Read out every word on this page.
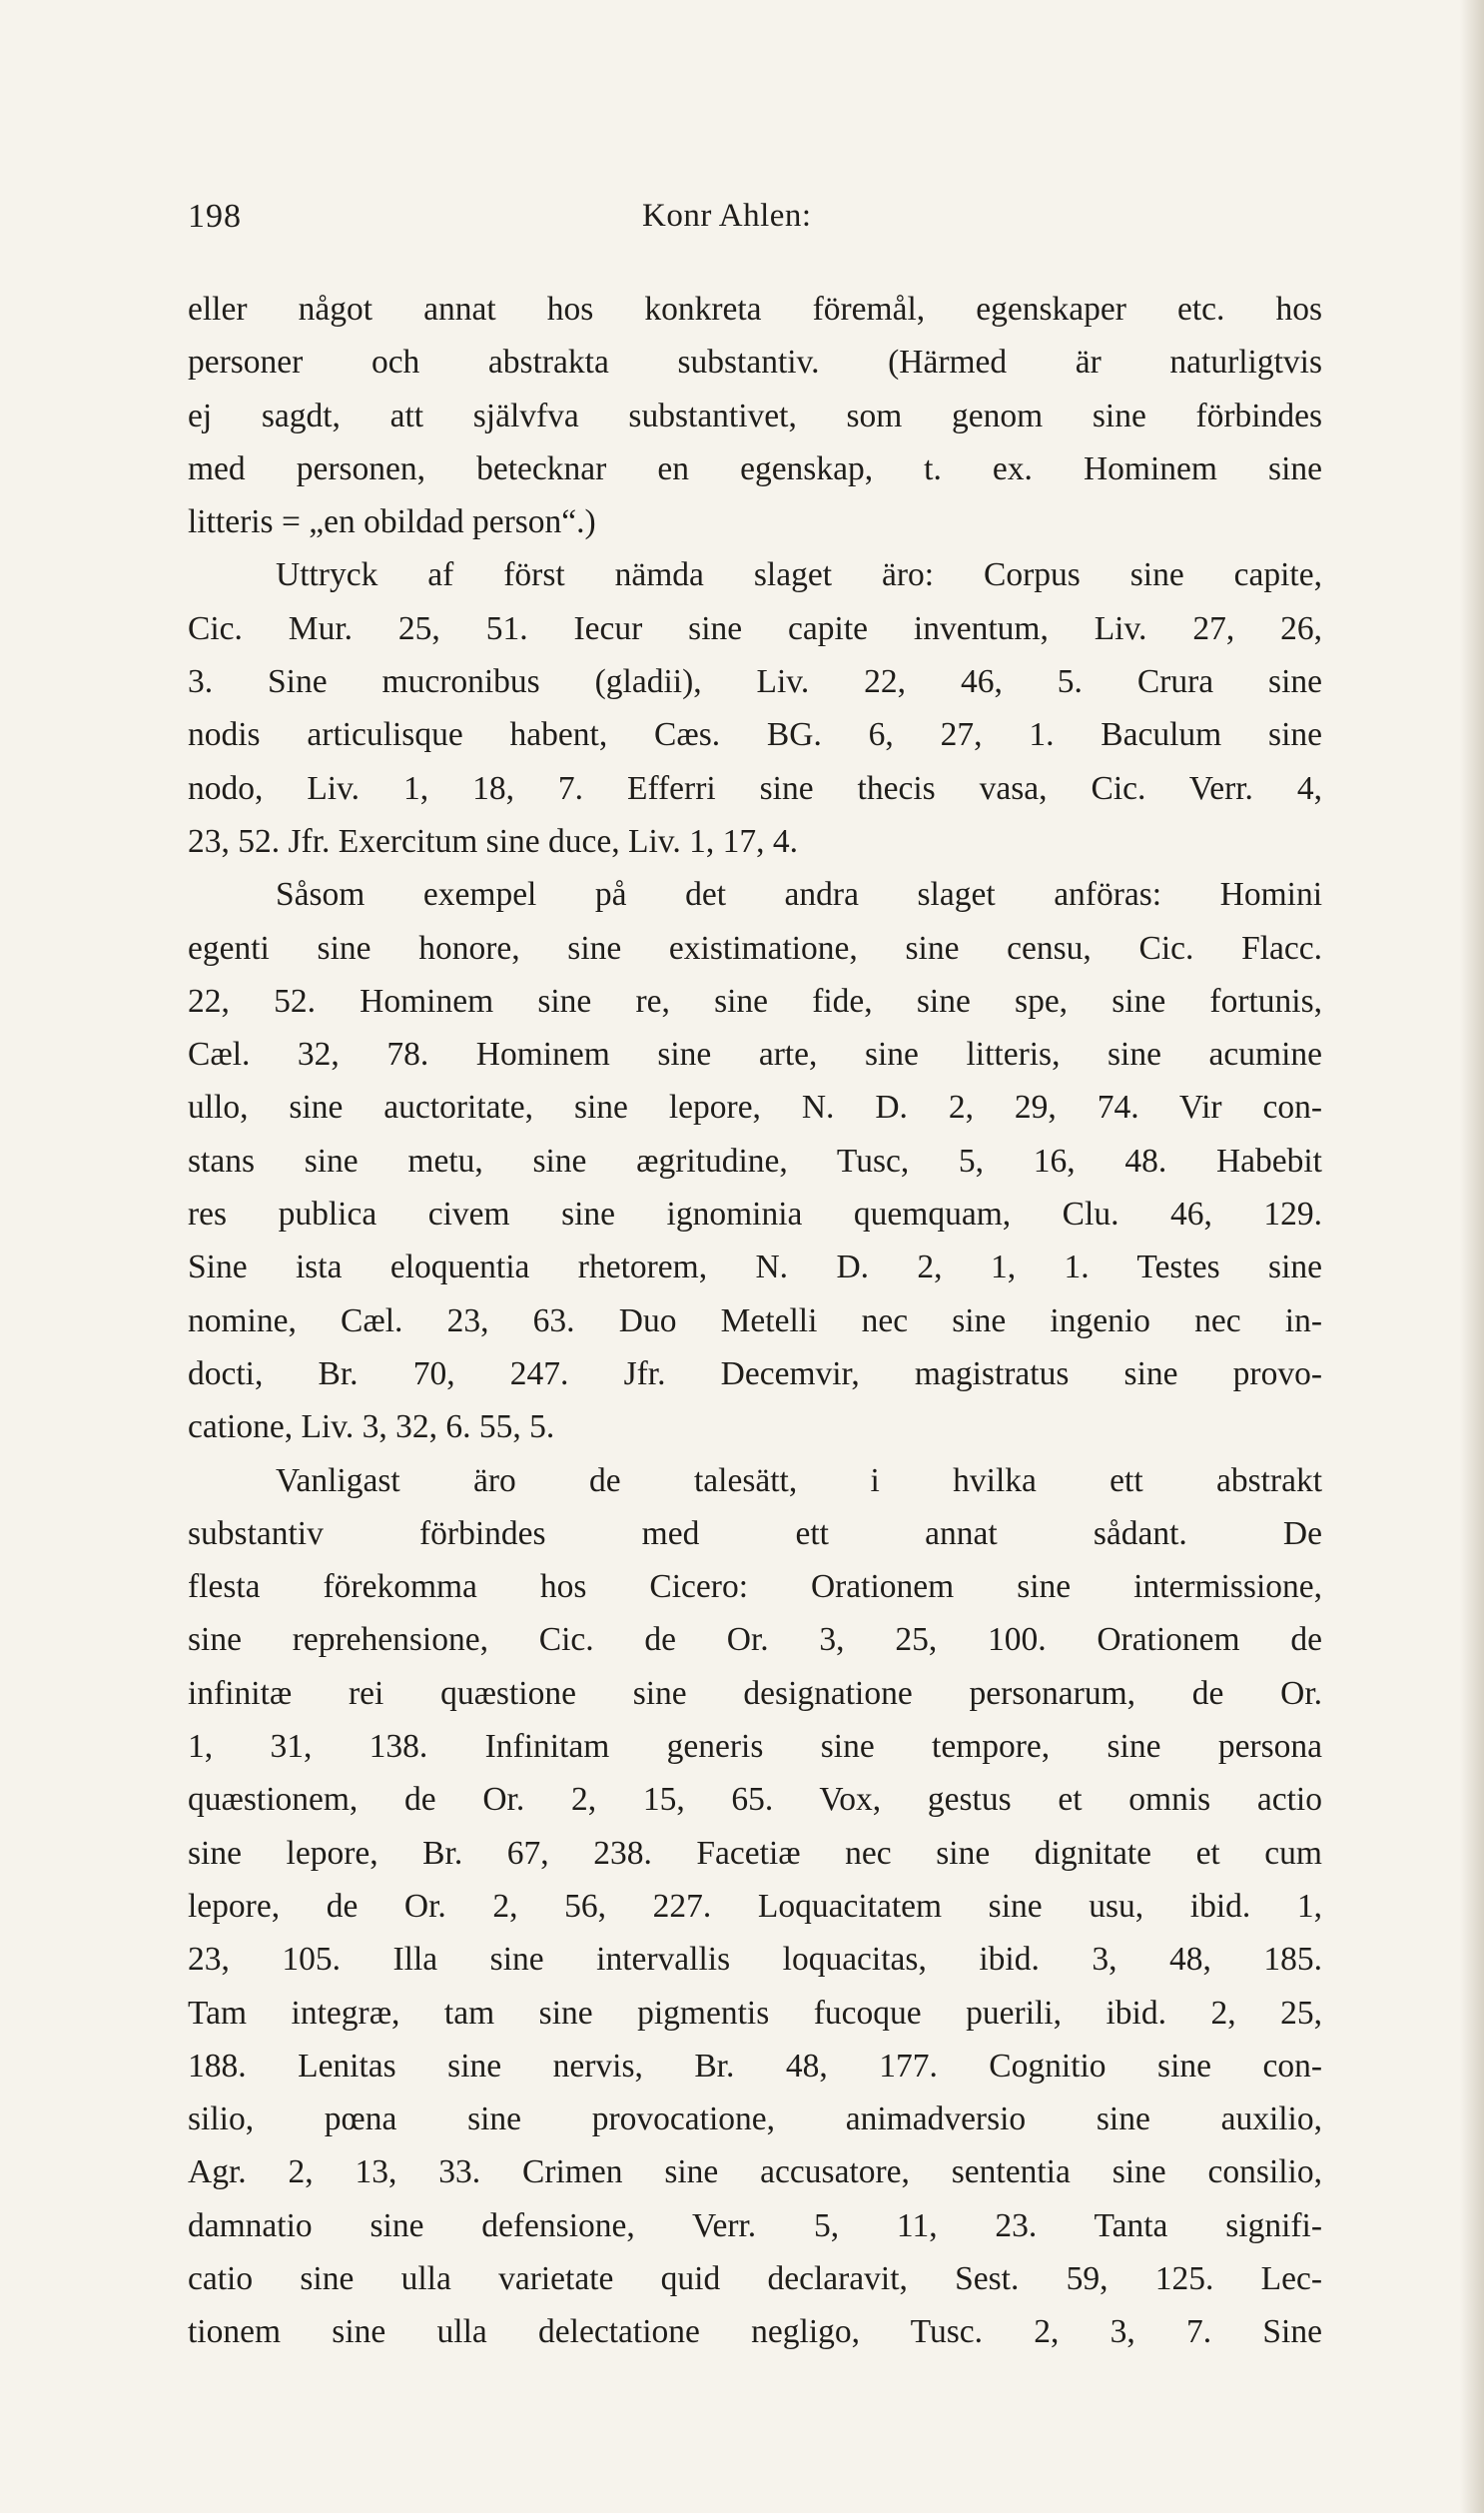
198	Konr Ahlen:
eller något annat hos konkreta föremål, egenskaper etc. hos
personer och abstrakta substantiv. (Härmed är naturligtvis
ej sagdt, att självfva substantivet, som genom sine förbindes
med personen, betecknar en egenskap, t. ex. Hominem sine
litteris = „en obildad person“.)
Uttryck af först nämda slaget äro: Corpus sine capite,
Cic. Mur. 25, 51. Iecur sine capite inventum, Liv. 27, 26,
3. Sine mucronibus (gladii), Liv. 22, 46, 5. Crura sine
nodis articulisque habent, Cæs. BG. 6, 27, 1. Baculum sine
nodo, Liv. 1, 18, 7. Efferri sine thecis vasa, Cic. Verr. 4,
23, 52. Jfr. Exercitum sine duce, Liv. 1, 17, 4.
Såsom exempel på det andra slaget anföras: Homini
egenti sine honore, sine existimatione, sine censu, Cic. Flacc.
22, 52. Hominem sine re, sine fide, sine spe, sine fortunis,
Cæl. 32, 78. Hominem sine arte, sine litteris, sine acumine
ullo, sine auctoritate, sine lepore, N. D. 2, 29, 74. Vir con-
stans sine metu, sine ægritudine, Tusc, 5, 16, 48. Habebit
res publica civem sine ignominia quemquam, Clu. 46, 129.
Sine ista eloquentia rhetorem, N. D. 2, 1, 1. Testes sine
nomine, Cæl. 23, 63. Duo Metelli nec sine ingenio nec in-
docti, Br. 70, 247. Jfr. Decemvir, magistratus sine provo-
catione, Liv. 3, 32, 6. 55, 5.
Vanligast äro de talesätt, i hvilka ett abstrakt
substantiv förbindes med ett annat sådant. De
flesta förekomma hos Cicero: Orationem sine intermissione,
sine reprehensione, Cic. de Or. 3, 25, 100. Orationem de
infinitæ rei quæstione sine designatione personarum, de Or.
1, 31, 138. Infinitam generis sine tempore, sine persona
quæstionem, de Or. 2, 15, 65. Vox, gestus et omnis actio
sine lepore, Br. 67, 238. Facetiæ nec sine dignitate et cum
lepore, de Or. 2, 56, 227. Loquacitatem sine usu, ibid. 1,
23, 105. Illa sine intervallis loquacitas, ibid. 3, 48, 185.
Tam integræ, tam sine pigmentis fucoque puerili, ibid. 2, 25,
188. Lenitas sine nervis, Br. 48, 177. Cognitio sine con-
silio, pœna sine provocatione, animadversio sine auxilio,
Agr. 2, 13, 33. Crimen sine accusatore, sententia sine consilio,
damnatio sine defensione, Verr. 5, 11, 23. Tanta signifi-
catio sine ulla varietate quid declaravit, Sest. 59, 125. Lec-
tionem sine ulla delectatione negligo, Tusc. 2, 3, 7. Sine
